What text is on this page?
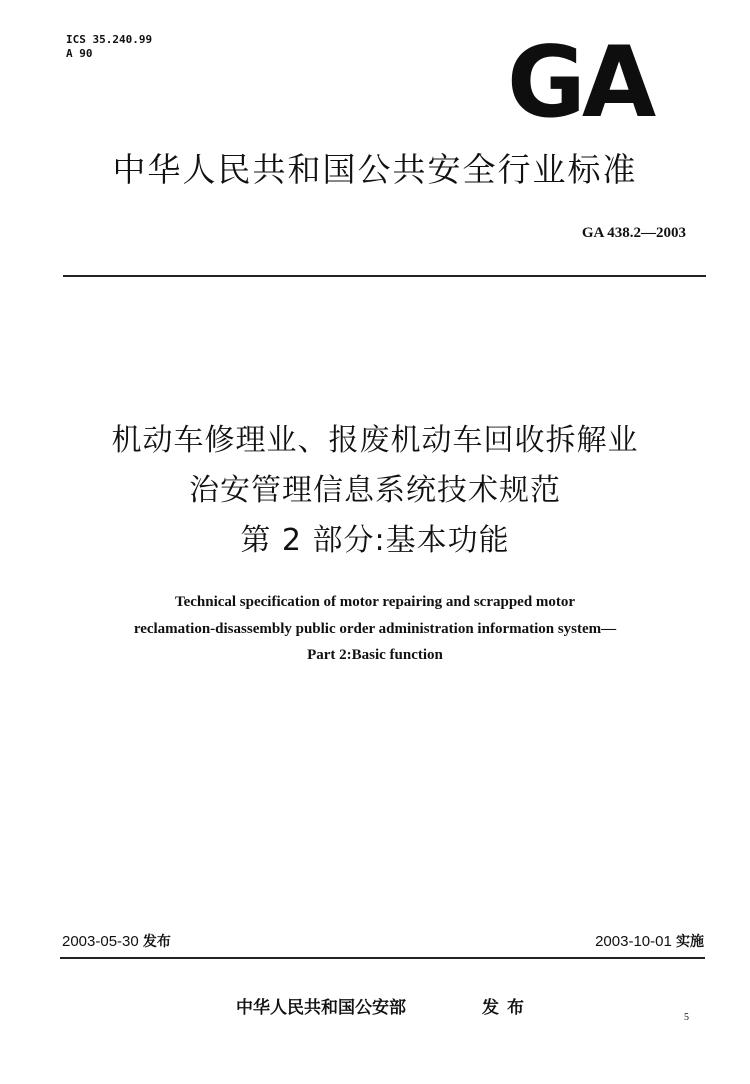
ICS 35.240.99
A 90	GA
中华人民共和国公共安全行业标准
GA 438.2—2003
机动车修理业、报废机动车回收拆解业
治安管理信息系统技术规范
第 2 部分:基本功能
Technical specification of motor repairing and scrapped motor
reclamation-disassembly public order administration information system—
Part 2:Basic function
2003-05-30 发布	2003-10-01 实施
中华人民共和国公安部	发布	5
